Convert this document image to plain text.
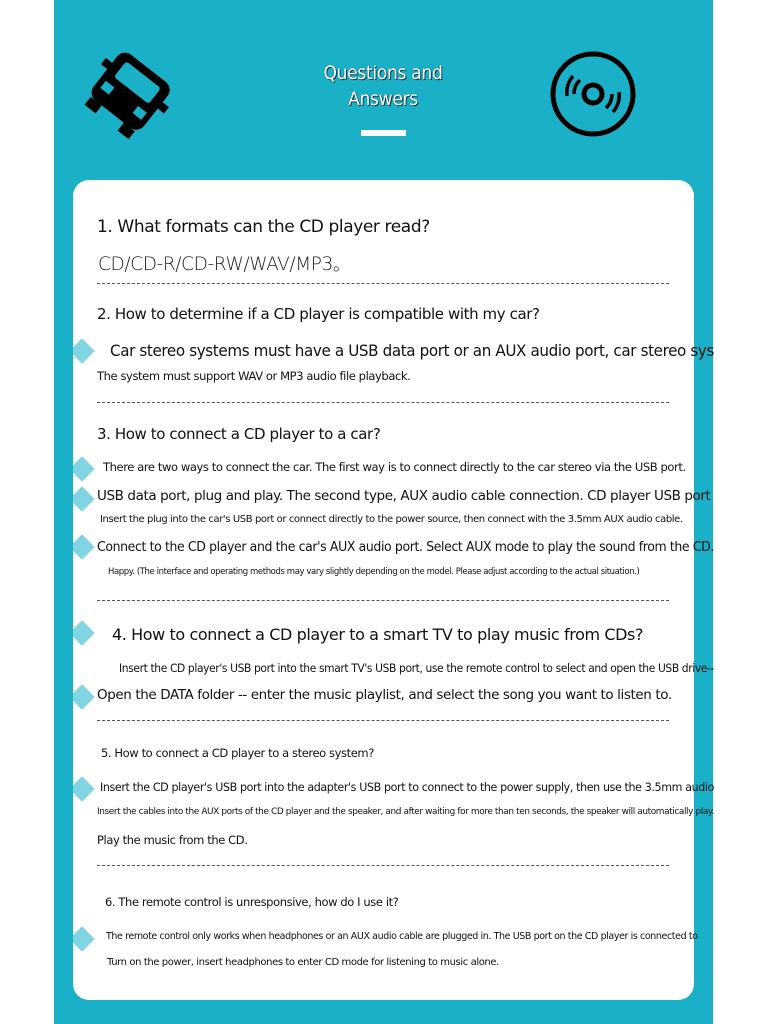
Questions and
Answers
1. What formats can the CD player read?
CD/CD-R/CD-RW/WAV/MP3。
2. How to determine if a CD player is compatible with my car?
Car stereo systems must have a USB data port or an AUX audio port, car stereo sys
The system must support WAV or MP3 audio file playback.
3. How to connect a CD player to a car?
There are two ways to connect the car. The first way is to connect directly to the car stereo via the USB port.
USB data port, plug and play. The second type, AUX audio cable connection. CD player USB port
Insert the plug into the car's USB port or connect directly to the power source, then connect with the 3.5mm AUX audio cable.
Connect to the CD player and the car's AUX audio port. Select AUX mode to play the sound from the CD.
Happy. (The interface and operating methods may vary slightly depending on the model. Please adjust according to the actual situation.)
4. How to connect a CD player to a smart TV to play music from CDs?
Insert the CD player's USB port into the smart TV's USB port, use the remote control to select and open the USB drive--
Open the DATA folder -- enter the music playlist, and select the song you want to listen to.
5. How to connect a CD player to a stereo system?
Insert the CD player's USB port into the adapter's USB port to connect to the power supply, then use the 3.5mm audio
Insert the cables into the AUX ports of the CD player and the speaker, and after waiting for more than ten seconds, the speaker will automatically play.
Play the music from the CD.
6. The remote control is unresponsive, how do I use it?
The remote control only works when headphones or an AUX audio cable are plugged in. The USB port on the CD player is connected to
Turn on the power, insert headphones to enter CD mode for listening to music alone.
